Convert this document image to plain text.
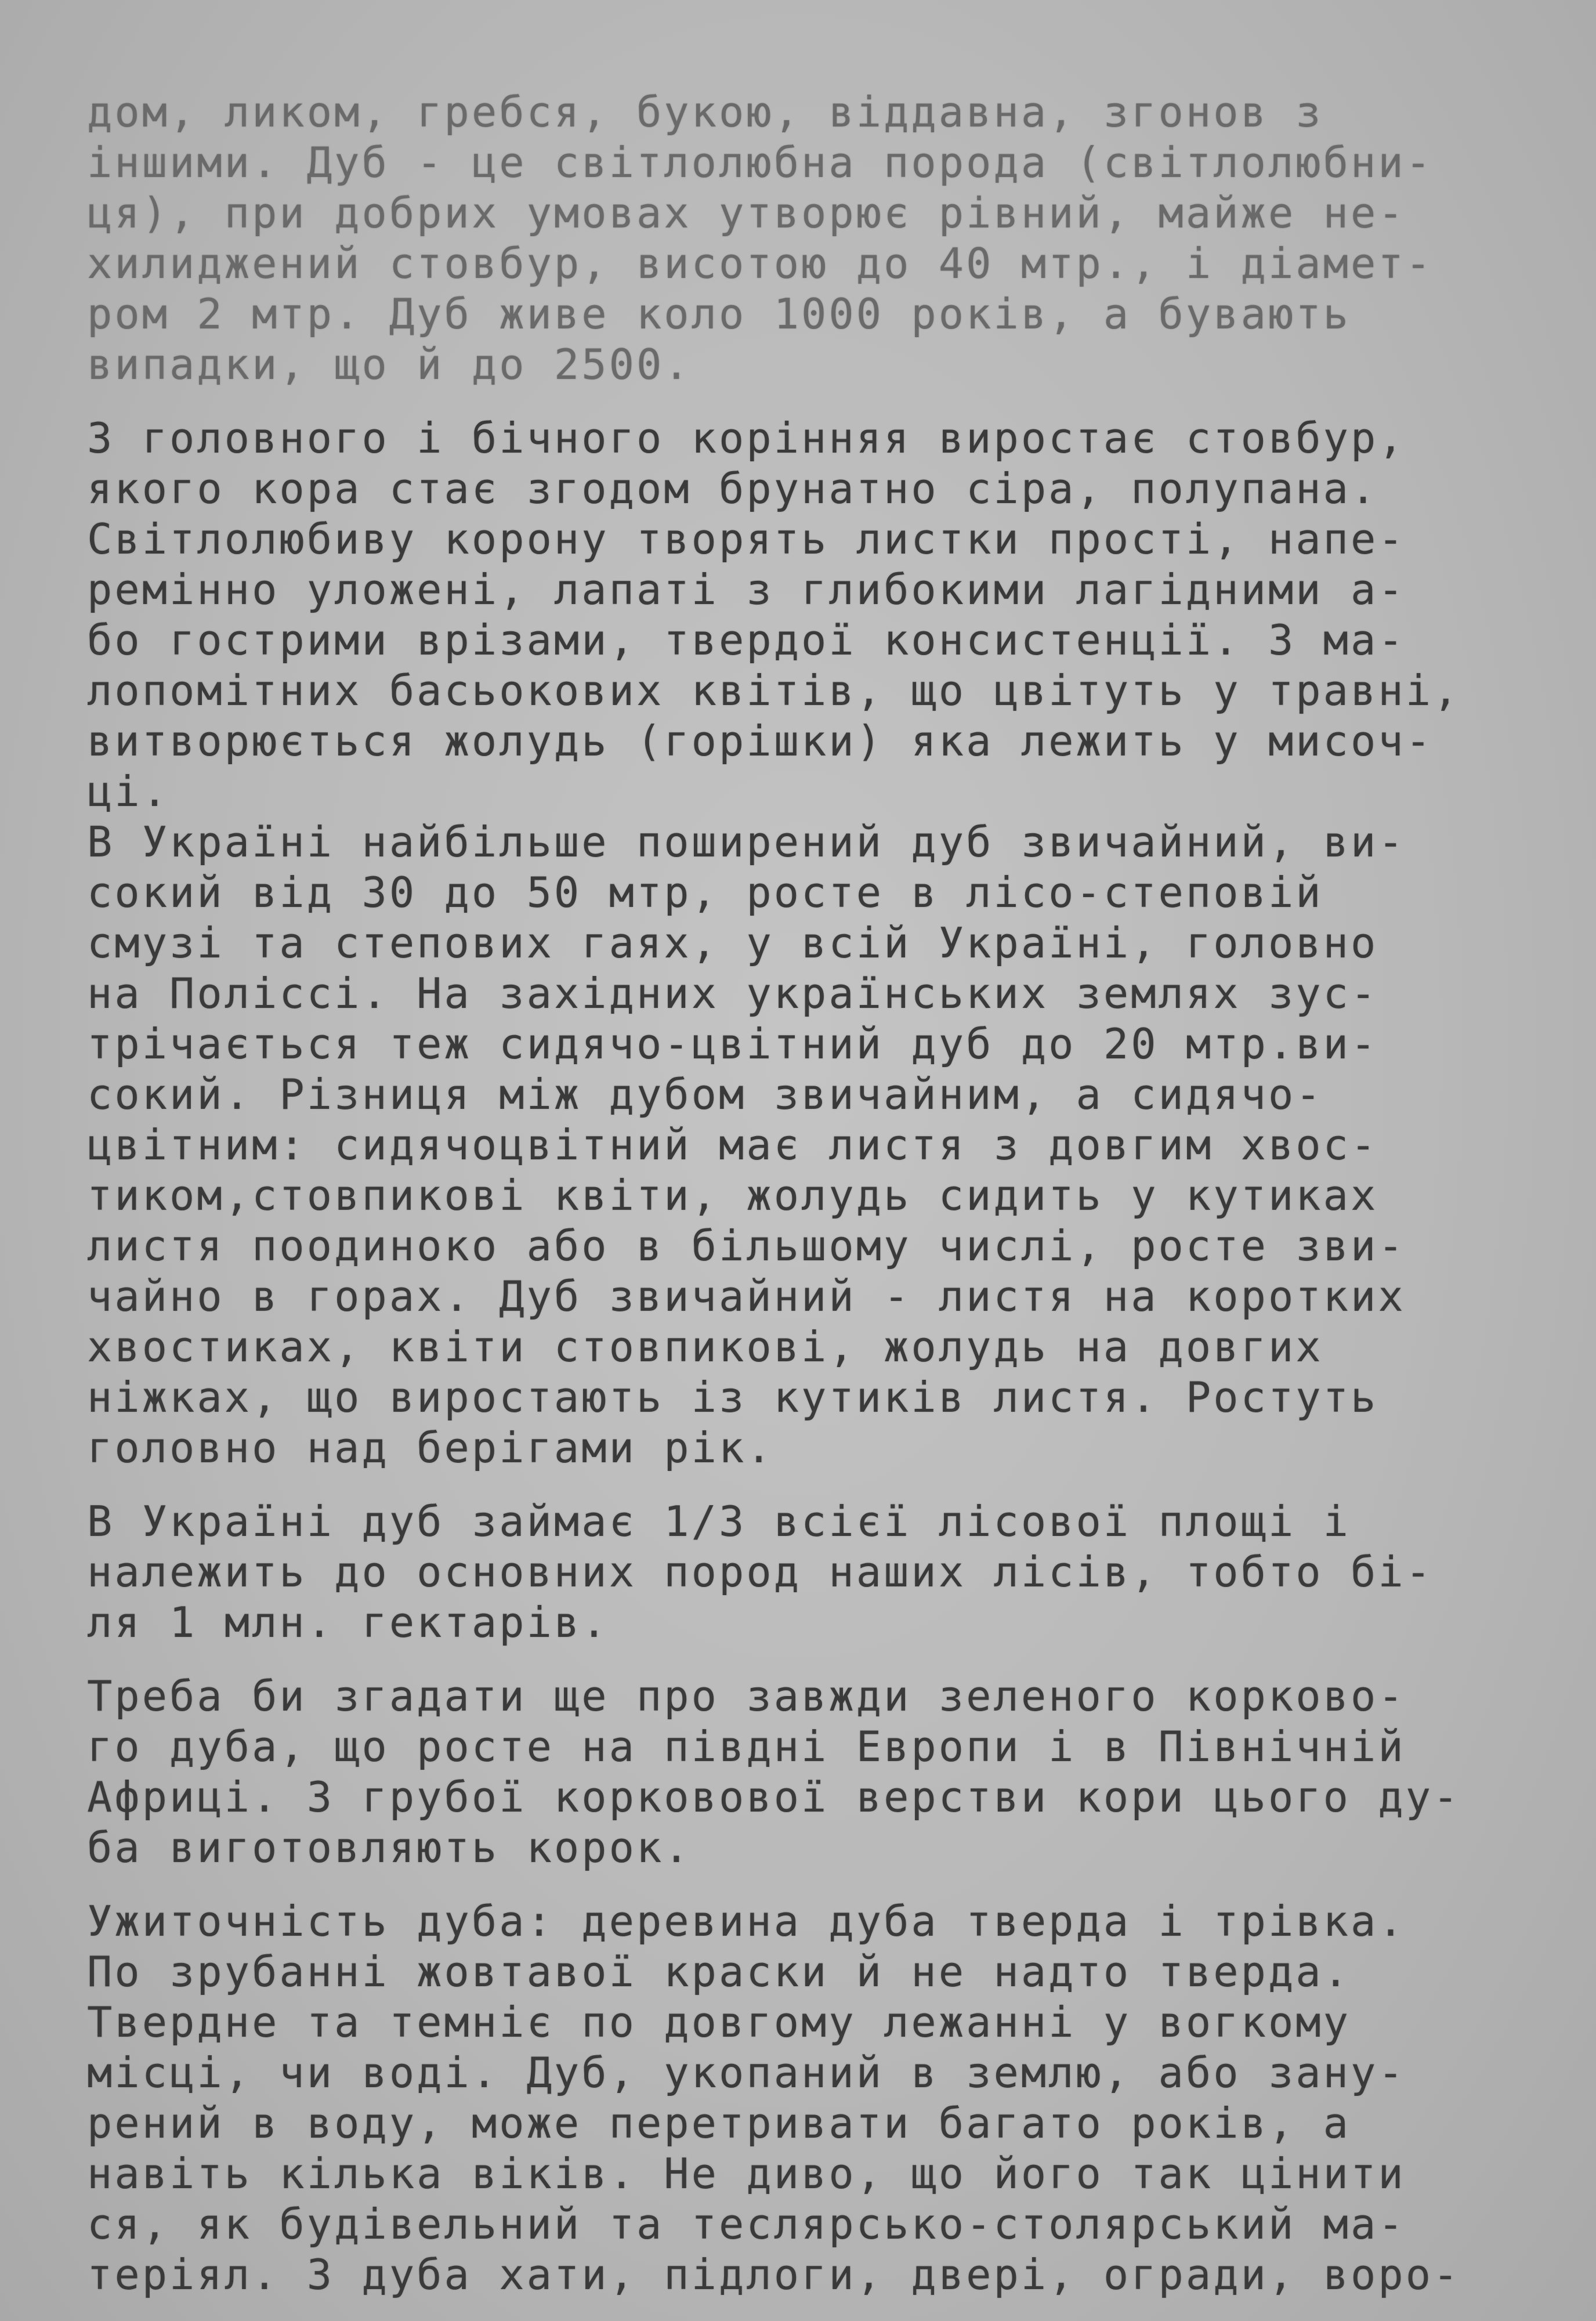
дом, ликом, гребся, букою, віддавна, згонов з
іншими. Дуб - це світлолюбна порода (світлолюбни-
ця), при добрих умовах утворює рівний, майже не-
хилиджений стовбур, висотою до 40 мтр., і діамет-
ром 2 мтр. Дуб живе коло 1000 років, а бувають
випадки, що й до 2500.
З головного і бічного корінняя виростає стовбур,
якого кора стає згодом брунатно сіра, полупана.
Світлолюбиву корону творять листки прості, напе-
ремінно уложені, лапаті з глибокими лагідними а-
бо гострими врізами, твердої консистенції. З ма-
лопомітних басьокових квітів, що цвітуть у травні,
витворюється жолудь (горішки) яка лежить у мисоч-
ці.
В Україні найбільше поширений дуб звичайний, ви-
сокий від 30 до 50 мтр, росте в лісо-степовій
смузі та степових гаях, у всій Україні, головно
на Поліссі. На західних українських землях зус-
трічається теж сидячо-цвітний дуб до 20 мтр.ви-
сокий. Різниця між дубом звичайним, а сидячо-
цвітним: сидячоцвітний має листя з довгим хвос-
тиком,стовпикові квіти, жолудь сидить у кутиках
листя поодиноко або в більшому числі, росте зви-
чайно в горах. Дуб звичайний - листя на коротких
хвостиках, квіти стовпикові, жолудь на довгих
ніжках, що виростають із кутиків листя. Ростуть
головно над берігами рік.
В Україні дуб займає 1/3 всієї лісової площі і
належить до основних пород наших лісів, тобто бі-
ля 1 млн. гектарів.
Треба би згадати ще про завжди зеленого корково-
го дуба, що росте на півдні Европи і в Північній
Африці. З грубої корковової верстви кори цього ду-
ба виготовляють корок.
Ужиточність дуба: деревина дуба тверда і трівка.
По зрубанні жовтавої краски й не надто тверда.
Твердне та темніє по довгому лежанні у вогкому
місці, чи воді. Дуб, укопаний в землю, або зану-
рений в воду, може перетривати багато років, а
навіть кілька віків. Не диво, що його так цінити
ся, як будівельний та теслярсько-столярський ма-
теріял. З дуба хати, підлоги, двері, огради, воро-
